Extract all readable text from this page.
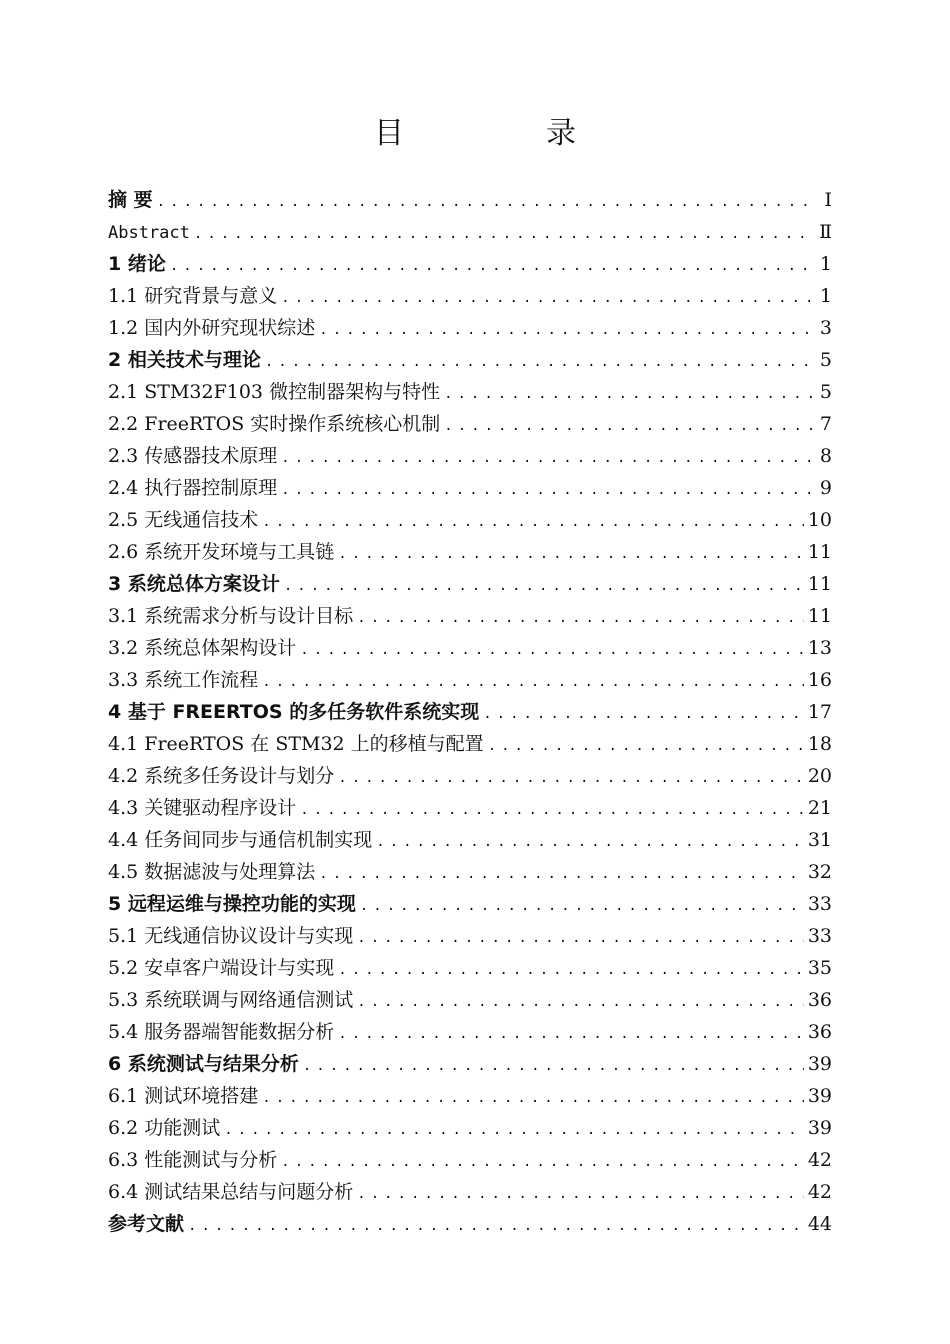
目　录
摘 要 .....	Ⅰ
Abstract .....	Ⅱ
1 绪论 .....	1
1.1 研究背景与意义 .....	1
1.2 国内外研究现状综述 .....	3
2 相关技术与理论 .....	5
2.1 STM32F103 微控制器架构与特性 .....	5
2.2 FreeRTOS 实时操作系统核心机制 .....	7
2.3 传感器技术原理 .....	8
2.4 执行器控制原理 .....	9
2.5 无线通信技术 .....	10
2.6 系统开发环境与工具链 .....	11
3 系统总体方案设计 .....	11
3.1 系统需求分析与设计目标 .....	11
3.2 系统总体架构设计 .....	13
3.3 系统工作流程 .....	16
4 基于 FREERTOS 的多任务软件系统实现 .....	17
4.1 FreeRTOS 在 STM32 上的移植与配置 .....	18
4.2 系统多任务设计与划分 .....	20
4.3 关键驱动程序设计 .....	21
4.4 任务间同步与通信机制实现 .....	31
4.5 数据滤波与处理算法 .....	32
5 远程运维与操控功能的实现 .....	33
5.1 无线通信协议设计与实现 .....	33
5.2 安卓客户端设计与实现 .....	35
5.3 系统联调与网络通信测试 .....	36
5.4 服务器端智能数据分析 .....	36
6 系统测试与结果分析 .....	39
6.1 测试环境搭建 .....	39
6.2 功能测试 .....	39
6.3 性能测试与分析 .....	42
6.4 测试结果总结与问题分析 .....	42
参考文献 .....	44
